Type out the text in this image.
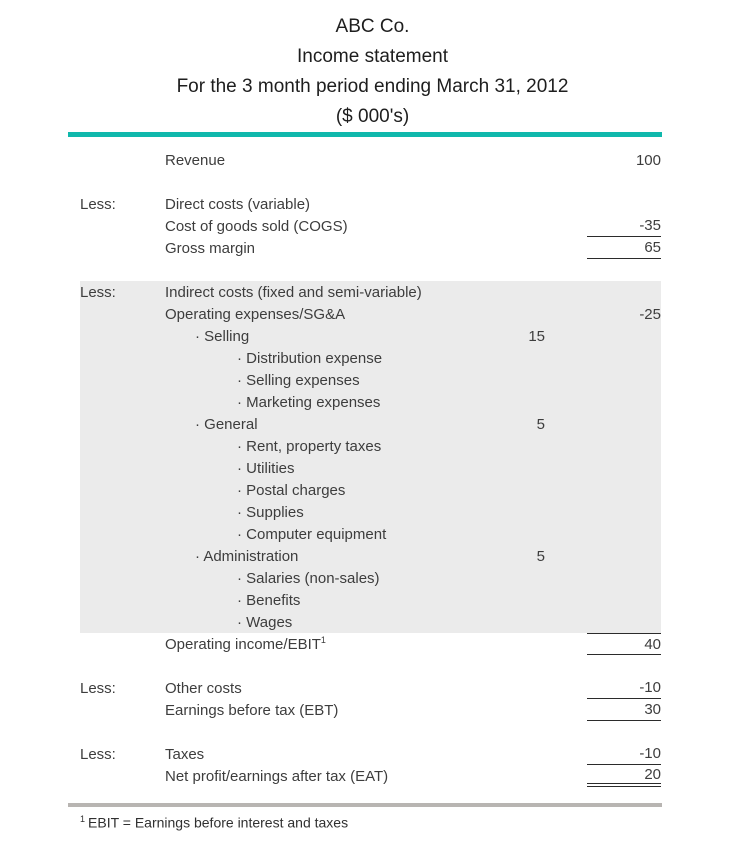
ABC Co.
Income statement
For the 3 month period ending March 31, 2012
($ 000's)
Revenue	100
Less:	Direct costs (variable)
Cost of goods sold (COGS)	-35
Gross margin	65
Less:	Indirect costs (fixed and semi-variable)
Operating expenses/SG&A	-25
· Selling	15
· Distribution expense
· Selling expenses
· Marketing expenses
· General	5
· Rent, property taxes
· Utilities
· Postal charges
· Supplies
· Computer equipment
· Administration	5
· Salaries (non-sales)
· Benefits
· Wages
Operating income/EBIT$^1$	40
Less:	Other costs	-10
Earnings before tax (EBT)	30
Less:	Taxes	-10
Net profit/earnings after tax (EAT)	20
$^1$ EBIT = Earnings before interest and taxes
